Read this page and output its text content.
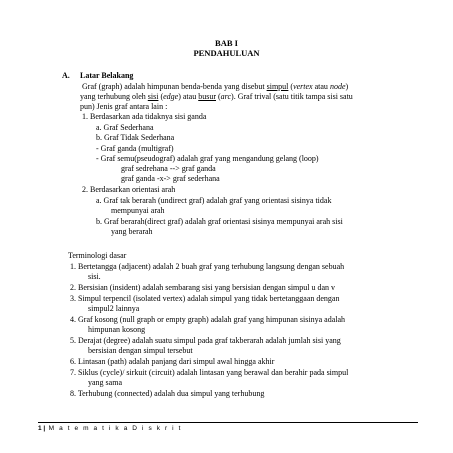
BAB I
PENDAHULUAN
A. Latar Belakang
Graf (graph) adalah himpunan benda-benda yang disebut simpul (vertex atau node)
yang terhubung oleh sisi (edge) atau busur (arc). Graf trival (satu titik tampa sisi satu
pun) Jenis graf antara lain :
1. Berdasarkan ada tidaknya sisi ganda
a. Graf Sederhana
b. Graf Tidak Sederhana
- Graf ganda (multigraf)
- Graf semu(pseudograf) adalah graf yang mengandung gelang (loop)
graf sedrehana --> graf ganda
graf ganda -x-> graf sederhana
2. Berdasarkan orientasi arah
a. Graf tak berarah (undirect graf) adalah graf yang orientasi sisinya tidak
mempunyai arah
b. Graf berarah(direct graf) adalah graf orientasi sisinya mempunyai arah sisi
yang berarah
Terminologi dasar
1. Bertetangga (adjacent) adalah 2 buah graf yang terhubung langsung dengan sebuah
sisi.
2. Bersisian (insident) adalah sembarang sisi yang bersisian dengan simpul u dan v
3. Simpul terpencil (isolated vertex) adalah simpul yang tidak bertetanggaan dengan
simpul2 lainnya
4. Graf kosong (null graph or empty graph) adalah graf yang himpunan sisinya adalah
himpunan kosong
5. Derajat (degree) adalah suatu simpul pada graf takberarah adalah jumlah sisi yang
bersisian dengan simpul tersebut
6. Lintasan (path) adalah panjang dari simpul awal hingga akhir
7. Siklus (cycle)/ sirkuit (circuit) adalah lintasan yang berawal dan berahir pada simpul
yang sama
8. Terhubung (connected) adalah dua simpul yang terhubung
1 | M a t e m a t i k a D i s k r i t
